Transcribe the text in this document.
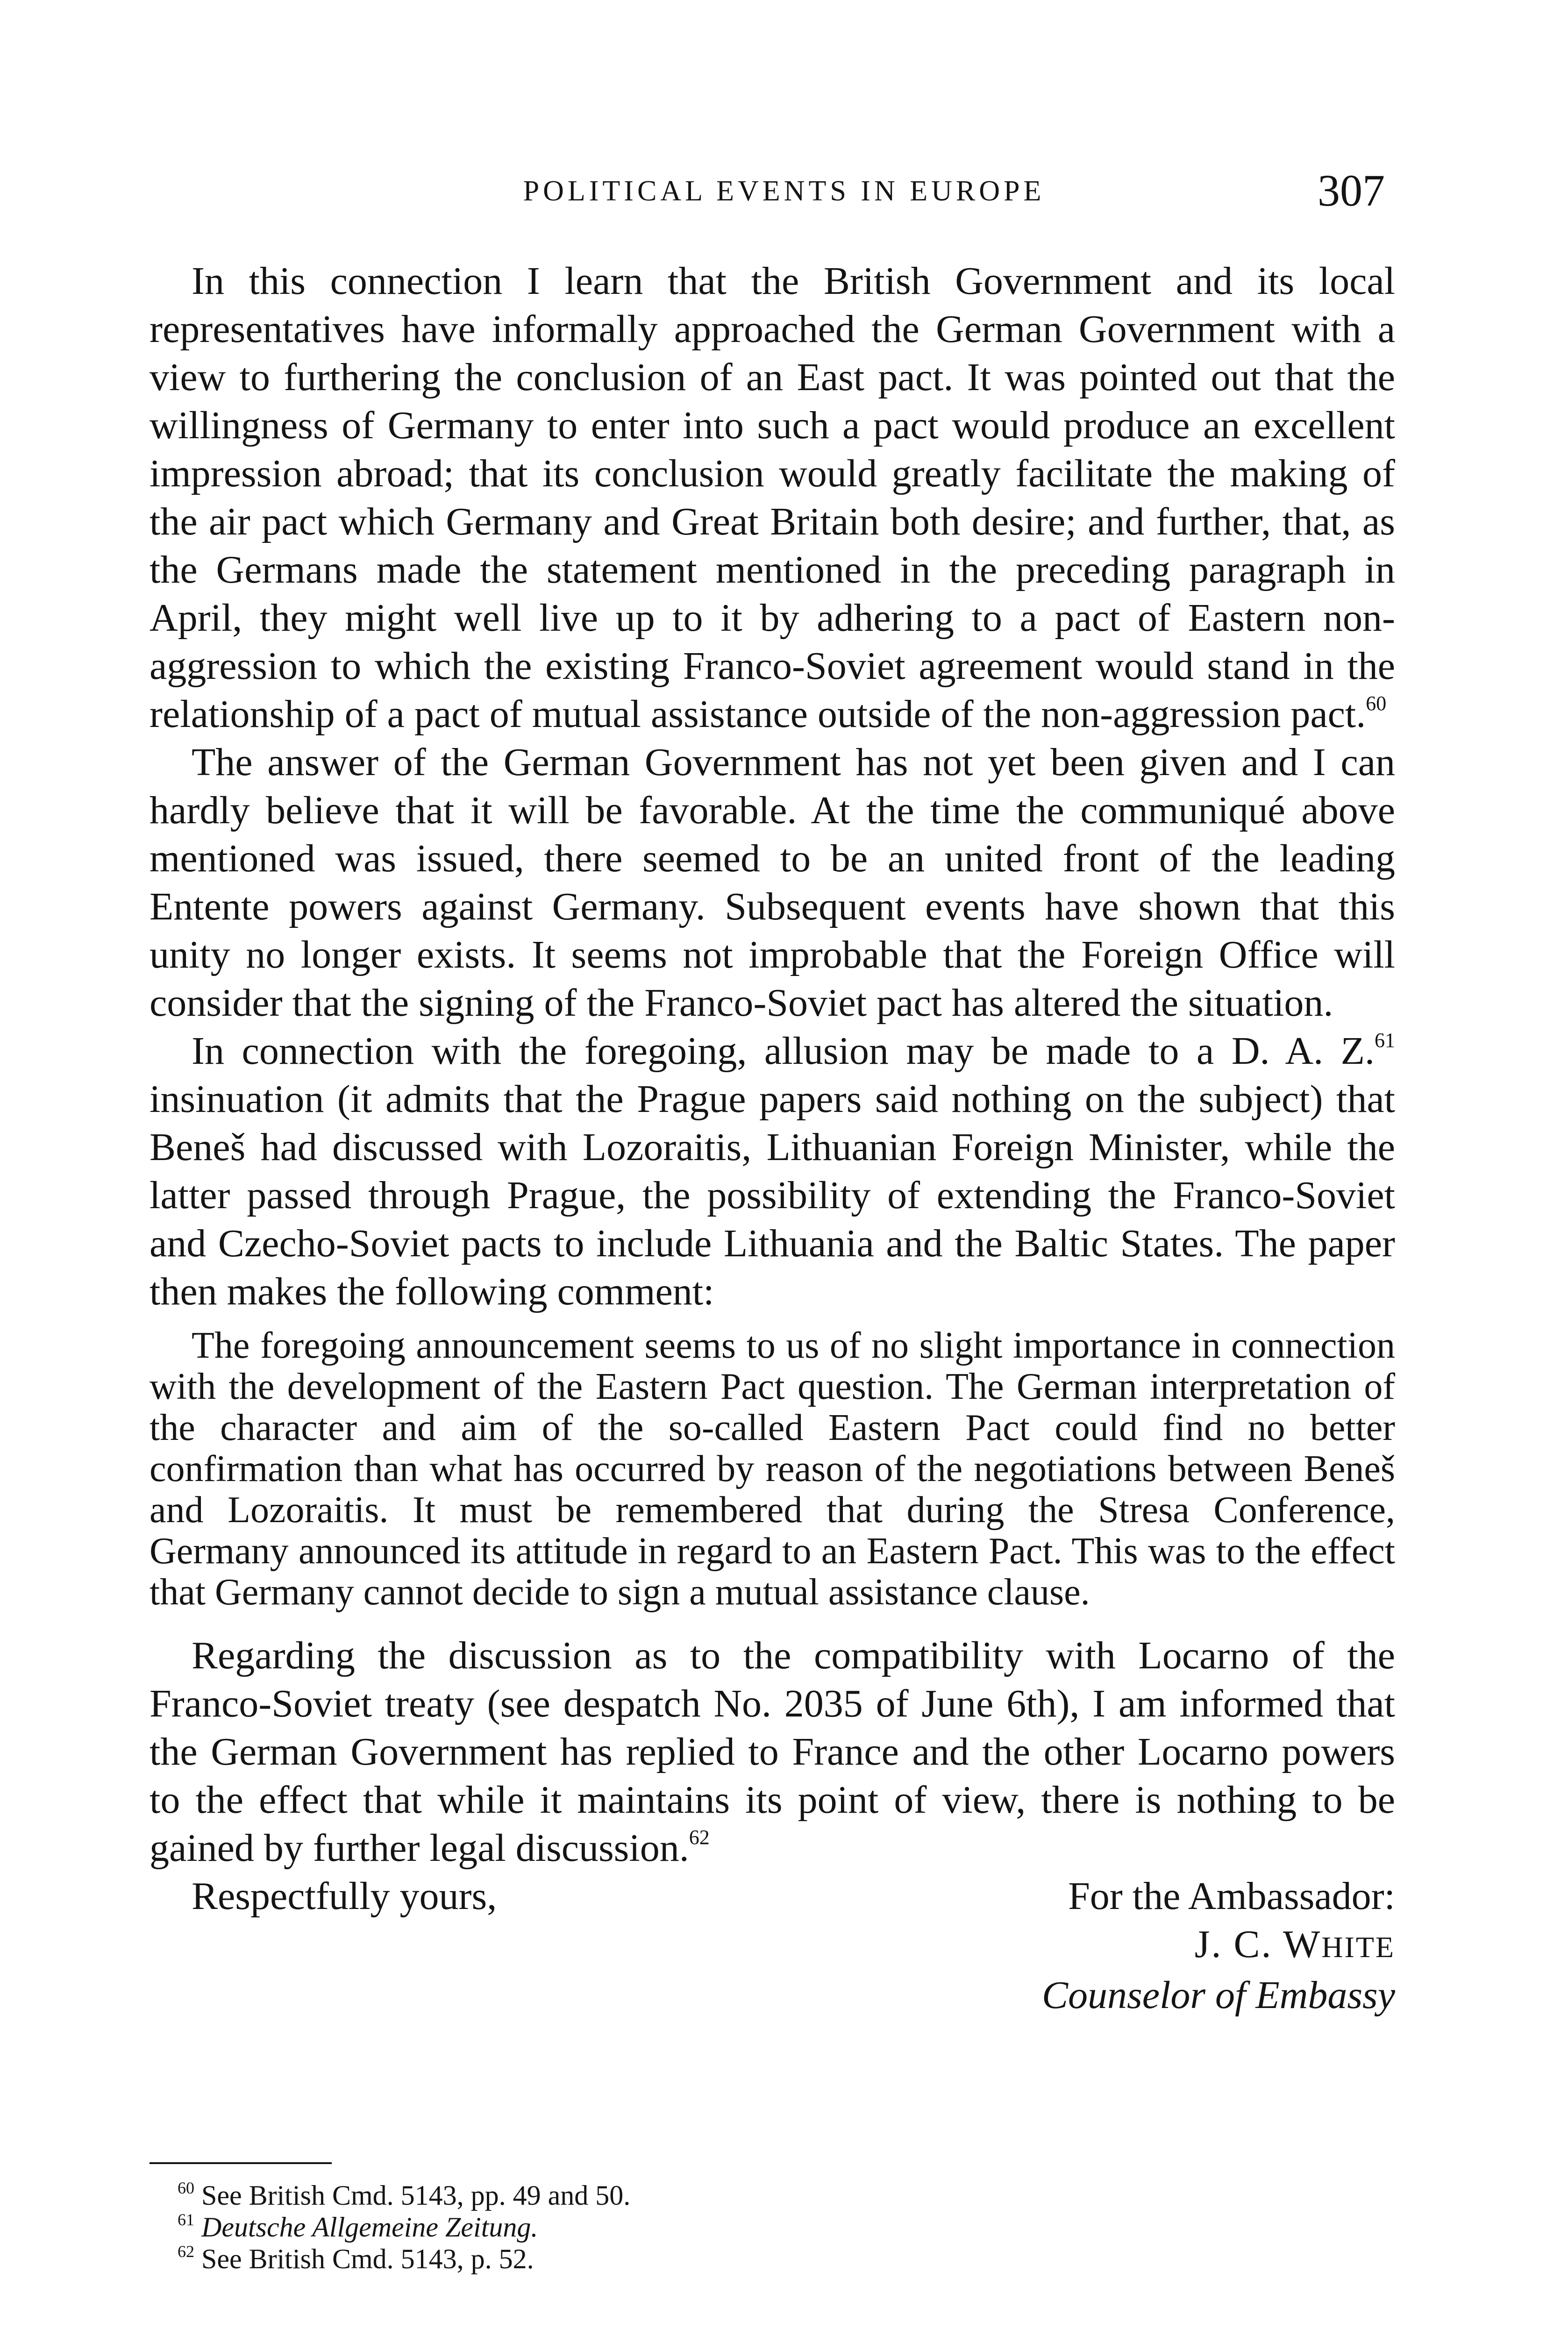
POLITICAL EVENTS IN EUROPE	307

In this connection I learn that the British Government and its local representatives have informally approached the German Government with a view to furthering the conclusion of an East pact. It was pointed out that the willingness of Germany to enter into such a pact would produce an excellent impression abroad; that its conclusion would greatly facilitate the making of the air pact which Germany and Great Britain both desire; and further, that, as the Germans made the statement mentioned in the preceding paragraph in April, they might well live up to it by adhering to a pact of Eastern non-aggression to which the existing Franco-Soviet agreement would stand in the relationship of a pact of mutual assistance outside of the non-aggression pact.$^{60}$

The answer of the German Government has not yet been given and I can hardly believe that it will be favorable. At the time the communiqué above mentioned was issued, there seemed to be an united front of the leading Entente powers against Germany. Subsequent events have shown that this unity no longer exists. It seems not improbable that the Foreign Office will consider that the signing of the Franco-Soviet pact has altered the situation.

In connection with the foregoing, allusion may be made to a D. A. Z.$^{61}$ insinuation (it admits that the Prague papers said nothing on the subject) that Beneš had discussed with Lozoraitis, Lithuanian Foreign Minister, while the latter passed through Prague, the possibility of extending the Franco-Soviet and Czecho-Soviet pacts to include Lithuania and the Baltic States. The paper then makes the following comment:

The foregoing announcement seems to us of no slight importance in connection with the development of the Eastern Pact question. The German interpretation of the character and aim of the so-called Eastern Pact could find no better confirmation than what has occurred by reason of the negotiations between Beneš and Lozoraitis. It must be remembered that during the Stresa Conference, Germany announced its attitude in regard to an Eastern Pact. This was to the effect that Germany cannot decide to sign a mutual assistance clause.

Regarding the discussion as to the compatibility with Locarno of the Franco-Soviet treaty (see despatch No. 2035 of June 6th), I am informed that the German Government has replied to France and the other Locarno powers to the effect that while it maintains its point of view, there is nothing to be gained by further legal discussion.$^{62}$

Respectfully yours,	For the Ambassador:
J. C. WHITE
Counselor of Embassy

$^{60}$ See British Cmd. 5143, pp. 49 and 50.

$^{61}$ Deutsche Allgemeine Zeitung.

$^{62}$ See British Cmd. 5143, p. 52.
